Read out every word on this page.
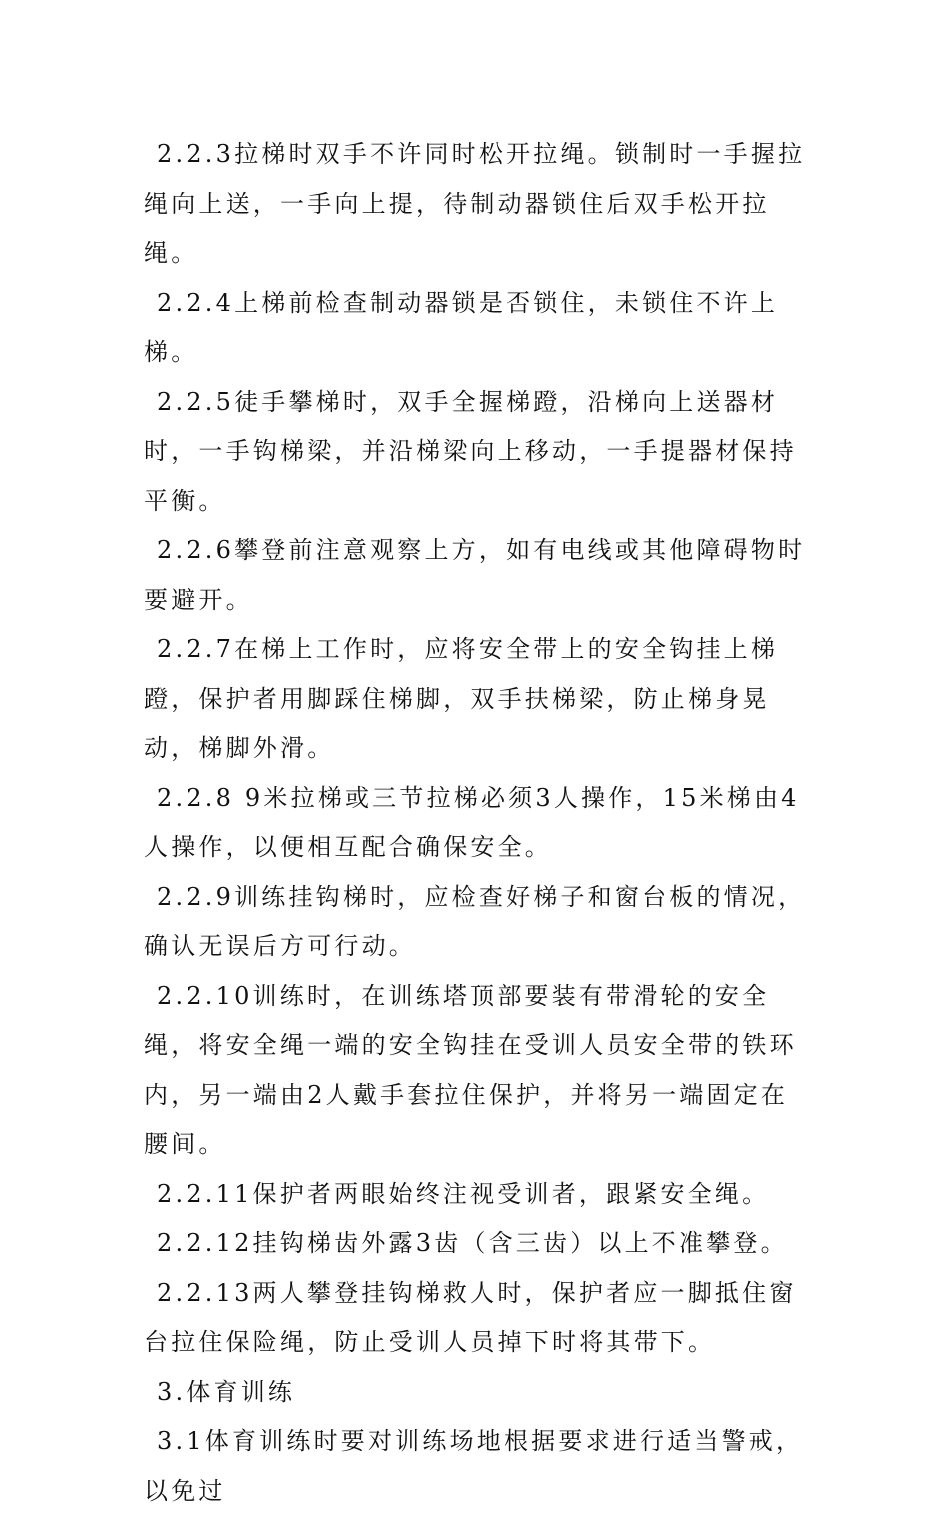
2.2.3拉梯时双手不许同时松开拉绳。锁制时一手握拉绳向上送，一手向上提，待制动器锁住后双手松开拉绳。

2.2.4上梯前检查制动器锁是否锁住，未锁住不许上梯。

2.2.5徒手攀梯时，双手全握梯蹬，沿梯向上送器材时，一手钩梯梁，并沿梯梁向上移动，一手提器材保持平衡。

2.2.6攀登前注意观察上方，如有电线或其他障碍物时要避开。

2.2.7在梯上工作时，应将安全带上的安全钩挂上梯蹬，保护者用脚踩住梯脚，双手扶梯梁，防止梯身晃动，梯脚外滑。

2.2.8 9米拉梯或三节拉梯必须3人操作，15米梯由4人操作，以便相互配合确保安全。

2.2.9训练挂钩梯时，应检查好梯子和窗台板的情况，确认无误后方可行动。

2.2.10训练时，在训练塔顶部要装有带滑轮的安全绳，将安全绳一端的安全钩挂在受训人员安全带的铁环内，另一端由2人戴手套拉住保护，并将另一端固定在腰间。

2.2.11保护者两眼始终注视受训者，跟紧安全绳。

2.2.12挂钩梯齿外露3齿（含三齿）以上不准攀登。

2.2.13两人攀登挂钩梯救人时，保护者应一脚抵住窗台拉住保险绳，防止受训人员掉下时将其带下。

3.体育训练

3.1体育训练时要对训练场地根据要求进行适当警戒，以免过
